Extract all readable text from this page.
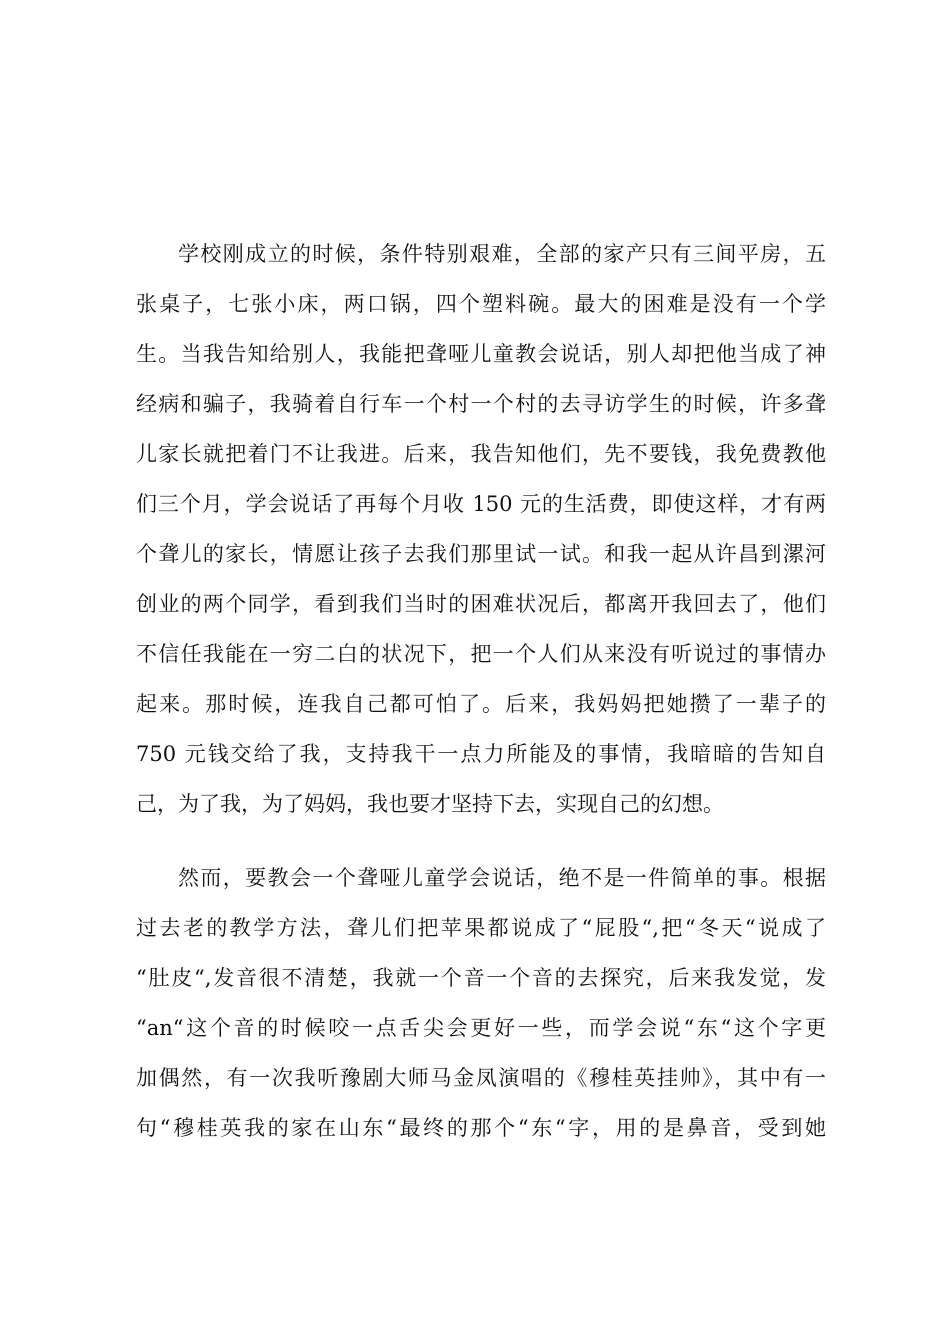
学校刚成立的时候，条件特别艰难，全部的家产只有三间平房，五
张桌子，七张小床，两口锅，四个塑料碗。最大的困难是没有一个学
生。当我告知给别人，我能把聋哑儿童教会说话，别人却把他当成了神
经病和骗子，我骑着自行车一个村一个村的去寻访学生的时候，许多聋
儿家长就把着门不让我进。后来，我告知他们，先不要钱，我免费教他
们三个月，学会说话了再每个月收 150 元的生活费，即使这样，才有两
个聋儿的家长，情愿让孩子去我们那里试一试。和我一起从许昌到漯河
创业的两个同学，看到我们当时的困难状况后，都离开我回去了，他们
不信任我能在一穷二白的状况下，把一个人们从来没有听说过的事情办
起来。那时候，连我自己都可怕了。后来，我妈妈把她攒了一辈子的
750 元钱交给了我，支持我干一点力所能及的事情，我暗暗的告知自
己，为了我，为了妈妈，我也要才坚持下去，实现自己的幻想。
然而，要教会一个聋哑儿童学会说话，绝不是一件简单的事。根据
过去老的教学方法，聋儿们把苹果都说成了“屁股“,把“冬天“说成了
“肚皮“,发音很不清楚，我就一个音一个音的去探究，后来我发觉，发
“an“这个音的时候咬一点舌尖会更好一些，而学会说“东“这个字更
加偶然，有一次我听豫剧大师马金凤演唱的《穆桂英挂帅》，其中有一
句“穆桂英我的家在山东“最终的那个“东“字，用的是鼻音，受到她
